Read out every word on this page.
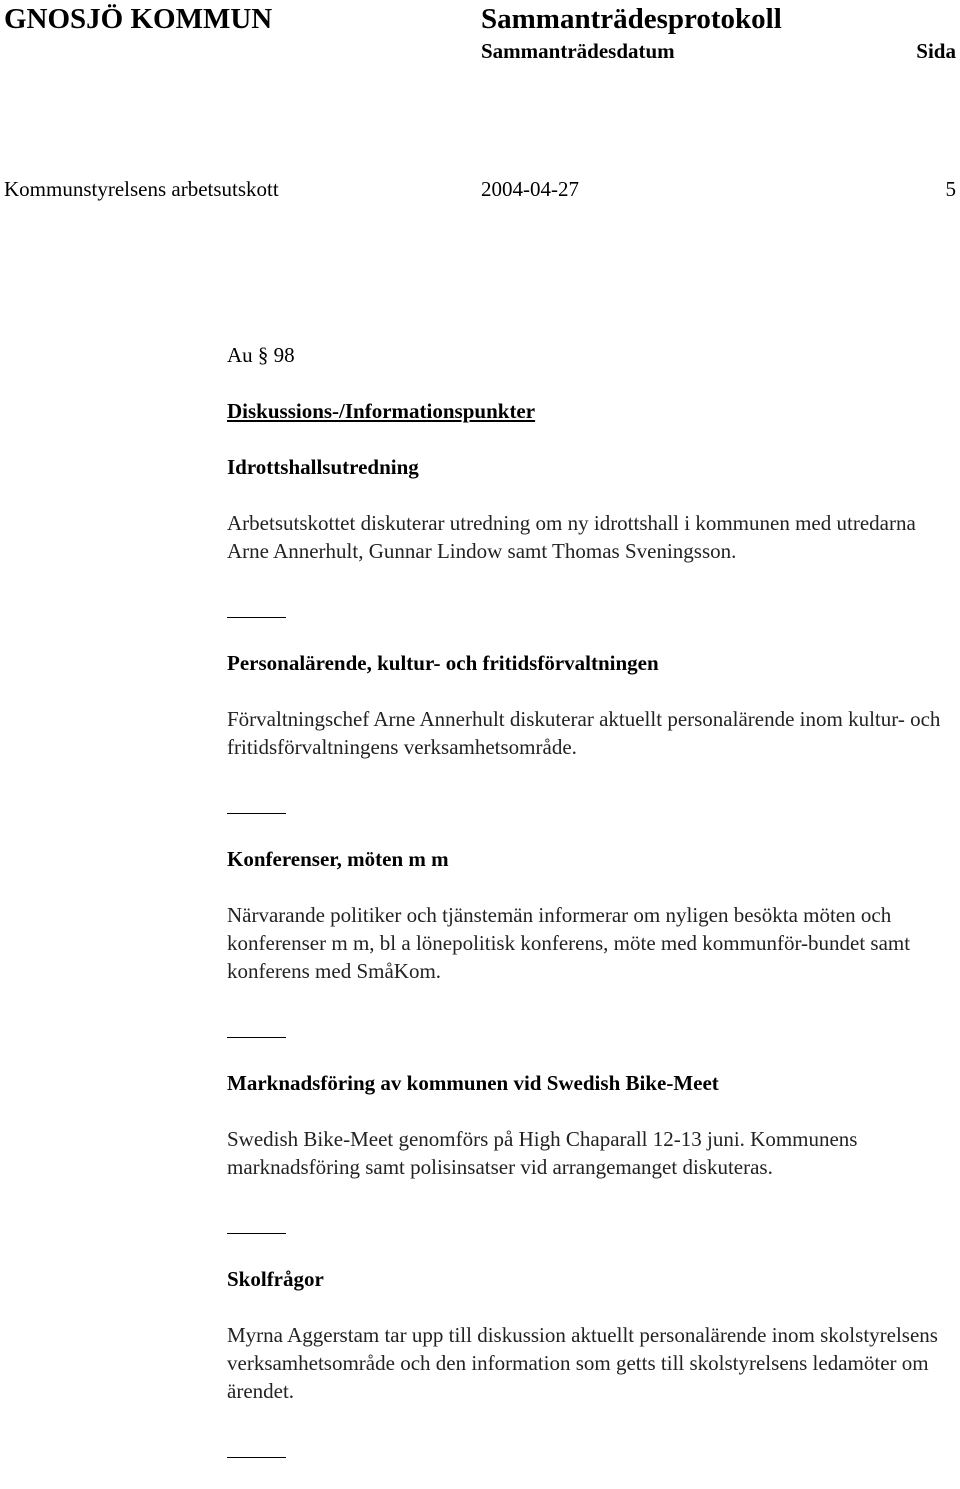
GNOSJÖ KOMMUN	Sammanträdesprotokoll
Sammanträdesdatum	Sida
Kommunstyrelsens arbetsutskott	2004-04-27	5

Au § 98

Diskussions-/Informationspunkter

Idrottshallsutredning

Arbetsutskottet diskuterar utredning om ny idrottshall i kommunen med utredarna Arne Annerhult, Gunnar Lindow samt Thomas Sveningsson.

Personalärende, kultur- och fritidsförvaltningen

Förvaltningschef Arne Annerhult diskuterar aktuellt personalärende inom kultur- och fritidsförvaltningens verksamhetsområde.

Konferenser, möten m m

Närvarande politiker och tjänstemän informerar om nyligen besökta möten och konferenser m m, bl a lönepolitisk konferens, möte med kommunför-bundet samt konferens med SmåKom.

Marknadsföring av kommunen vid Swedish Bike-Meet

Swedish Bike-Meet genomförs på High Chaparall 12-13 juni. Kommunens marknadsföring samt polisinsatser vid arrangemanget diskuteras.

Skolfrågor

Myrna Aggerstam tar upp till diskussion aktuellt personalärende inom skolstyrelsens verksamhetsområde och den information som getts till skolstyrelsens ledamöter om ärendet.
